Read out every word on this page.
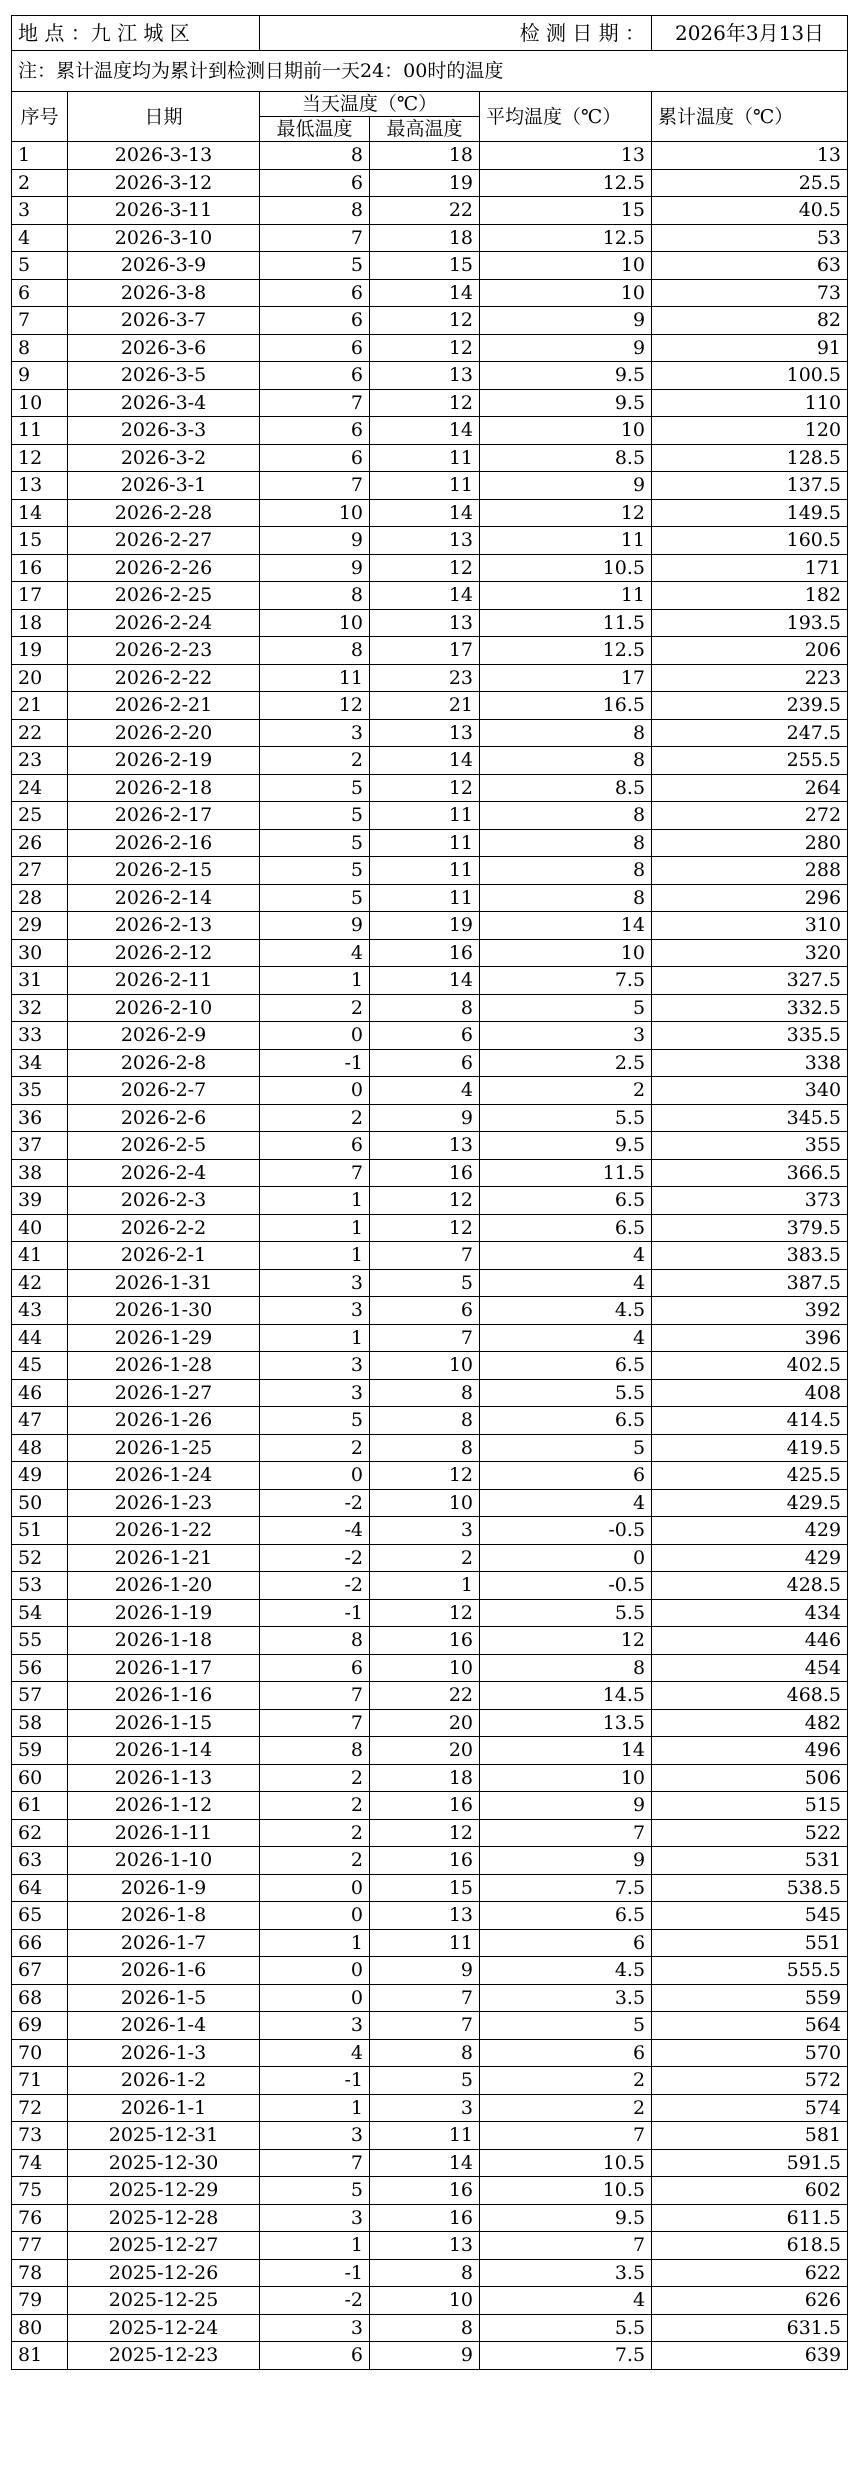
地 点 ：九 江 城 区		检 测 日 期 ：			2026年3月13日
注：累计温度均为累计到检测日期前一天24：00时的温度					
序号	日期	当天温度（℃）		平均温度（℃）	累计温度（℃）
		最低温度	最高温度		
1	2026-3-13	8	18	13	13
2	2026-3-12	6	19	12.5	25.5
3	2026-3-11	8	22	15	40.5
4	2026-3-10	7	18	12.5	53
5	2026-3-9	5	15	10	63
6	2026-3-8	6	14	10	73
7	2026-3-7	6	12	9	82
8	2026-3-6	6	12	9	91
9	2026-3-5	6	13	9.5	100.5
10	2026-3-4	7	12	9.5	110
11	2026-3-3	6	14	10	120
12	2026-3-2	6	11	8.5	128.5
13	2026-3-1	7	11	9	137.5
14	2026-2-28	10	14	12	149.5
15	2026-2-27	9	13	11	160.5
16	2026-2-26	9	12	10.5	171
17	2026-2-25	8	14	11	182
18	2026-2-24	10	13	11.5	193.5
19	2026-2-23	8	17	12.5	206
20	2026-2-22	11	23	17	223
21	2026-2-21	12	21	16.5	239.5
22	2026-2-20	3	13	8	247.5
23	2026-2-19	2	14	8	255.5
24	2026-2-18	5	12	8.5	264
25	2026-2-17	5	11	8	272
26	2026-2-16	5	11	8	280
27	2026-2-15	5	11	8	288
28	2026-2-14	5	11	8	296
29	2026-2-13	9	19	14	310
30	2026-2-12	4	16	10	320
31	2026-2-11	1	14	7.5	327.5
32	2026-2-10	2	8	5	332.5
33	2026-2-9	0	6	3	335.5
34	2026-2-8	-1	6	2.5	338
35	2026-2-7	0	4	2	340
36	2026-2-6	2	9	5.5	345.5
37	2026-2-5	6	13	9.5	355
38	2026-2-4	7	16	11.5	366.5
39	2026-2-3	1	12	6.5	373
40	2026-2-2	1	12	6.5	379.5
41	2026-2-1	1	7	4	383.5
42	2026-1-31	3	5	4	387.5
43	2026-1-30	3	6	4.5	392
44	2026-1-29	1	7	4	396
45	2026-1-28	3	10	6.5	402.5
46	2026-1-27	3	8	5.5	408
47	2026-1-26	5	8	6.5	414.5
48	2026-1-25	2	8	5	419.5
49	2026-1-24	0	12	6	425.5
50	2026-1-23	-2	10	4	429.5
51	2026-1-22	-4	3	-0.5	429
52	2026-1-21	-2	2	0	429
53	2026-1-20	-2	1	-0.5	428.5
54	2026-1-19	-1	12	5.5	434
55	2026-1-18	8	16	12	446
56	2026-1-17	6	10	8	454
57	2026-1-16	7	22	14.5	468.5
58	2026-1-15	7	20	13.5	482
59	2026-1-14	8	20	14	496
60	2026-1-13	2	18	10	506
61	2026-1-12	2	16	9	515
62	2026-1-11	2	12	7	522
63	2026-1-10	2	16	9	531
64	2026-1-9	0	15	7.5	538.5
65	2026-1-8	0	13	6.5	545
66	2026-1-7	1	11	6	551
67	2026-1-6	0	9	4.5	555.5
68	2026-1-5	0	7	3.5	559
69	2026-1-4	3	7	5	564
70	2026-1-3	4	8	6	570
71	2026-1-2	-1	5	2	572
72	2026-1-1	1	3	2	574
73	2025-12-31	3	11	7	581
74	2025-12-30	7	14	10.5	591.5
75	2025-12-29	5	16	10.5	602
76	2025-12-28	3	16	9.5	611.5
77	2025-12-27	1	13	7	618.5
78	2025-12-26	-1	8	3.5	622
79	2025-12-25	-2	10	4	626
80	2025-12-24	3	8	5.5	631.5
81	2025-12-23	6	9	7.5	639
